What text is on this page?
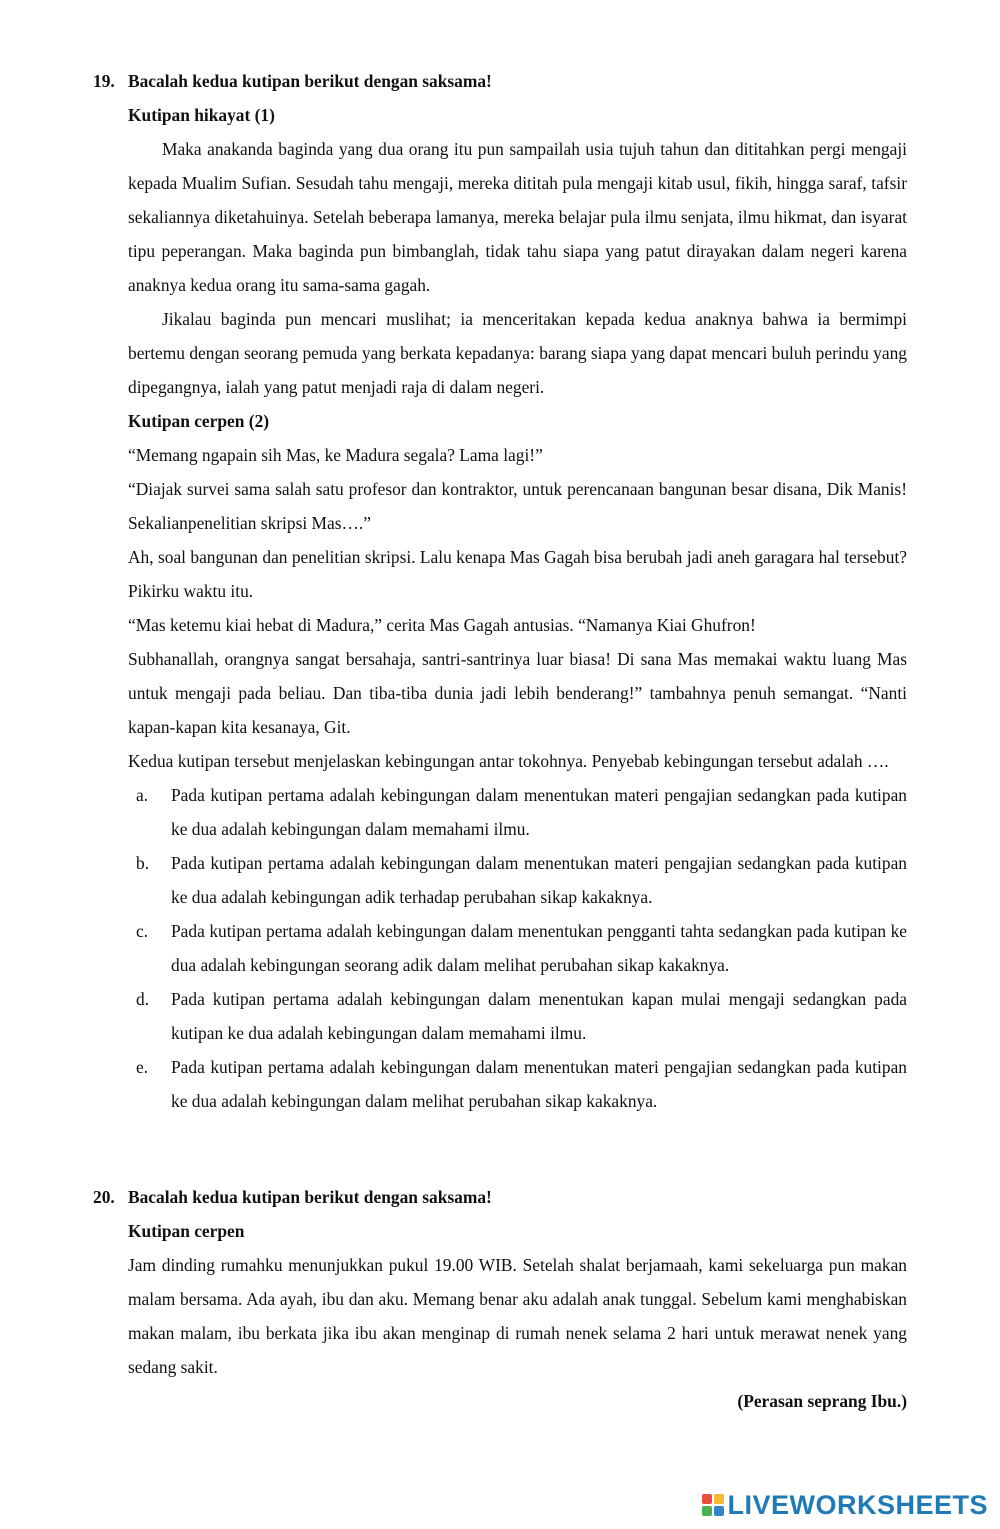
19. Bacalah kedua kutipan berikut dengan saksama!

Kutipan hikayat (1)

Maka anakanda baginda yang dua orang itu pun sampailah usia tujuh tahun dan dititahkan pergi mengaji kepada Mualim Sufian. Sesudah tahu mengaji, mereka dititah pula mengaji kitab usul, fikih, hingga saraf, tafsir sekaliannya diketahuinya. Setelah beberapa lamanya, mereka belajar pula ilmu senjata, ilmu hikmat, dan isyarat tipu peperangan. Maka baginda pun bimbanglah, tidak tahu siapa yang patut dirayakan dalam negeri karena anaknya kedua orang itu sama-sama gagah.

Jikalau baginda pun mencari muslihat; ia menceritakan kepada kedua anaknya bahwa ia bermimpi bertemu dengan seorang pemuda yang berkata kepadanya: barang siapa yang dapat mencari buluh perindu yang dipegangnya, ialah yang patut menjadi raja di dalam negeri.

Kutipan cerpen (2)

“Memang ngapain sih Mas, ke Madura segala? Lama lagi!”

“Diajak survei sama salah satu profesor dan kontraktor, untuk perencanaan bangunan besar disana, Dik Manis! Sekalianpenelitian skripsi Mas….”

Ah, soal bangunan dan penelitian skripsi. Lalu kenapa Mas Gagah bisa berubah jadi aneh garagara hal tersebut? Pikirku waktu itu.

“Mas ketemu kiai hebat di Madura,” cerita Mas Gagah antusias. “Namanya Kiai Ghufron!

Subhanallah, orangnya sangat bersahaja, santri-santrinya luar biasa! Di sana Mas memakai waktu luang Mas untuk mengaji pada beliau. Dan tiba-tiba dunia jadi lebih benderang!” tambahnya penuh semangat. “Nanti kapan-kapan kita kesanaya, Git.

Kedua kutipan tersebut menjelaskan kebingungan antar tokohnya. Penyebab kebingungan tersebut adalah ….

a. Pada kutipan pertama adalah kebingungan dalam menentukan materi pengajian sedangkan pada kutipan ke dua adalah kebingungan dalam memahami ilmu.
b. Pada kutipan pertama adalah kebingungan dalam menentukan materi pengajian sedangkan pada kutipan ke dua adalah kebingungan adik terhadap perubahan sikap kakaknya.
c. Pada kutipan pertama adalah kebingungan dalam menentukan pengganti tahta sedangkan pada kutipan ke dua adalah kebingungan seorang adik dalam melihat perubahan sikap kakaknya.
d. Pada kutipan pertama adalah kebingungan dalam menentukan kapan mulai mengaji sedangkan pada kutipan ke dua adalah kebingungan dalam memahami ilmu.
e. Pada kutipan pertama adalah kebingungan dalam menentukan materi pengajian sedangkan pada kutipan ke dua adalah kebingungan dalam melihat perubahan sikap kakaknya.
20. Bacalah kedua kutipan berikut dengan saksama!

Kutipan cerpen

Jam dinding rumahku menunjukkan pukul 19.00 WIB. Setelah shalat berjamaah, kami sekeluarga pun makan malam bersama. Ada ayah, ibu dan aku. Memang benar aku adalah anak tunggal. Sebelum kami menghabiskan makan malam, ibu berkata jika ibu akan menginap di rumah nenek selama 2 hari untuk merawat nenek yang sedang sakit.

(Perasan seprang Ibu.)

LIVEWORKSHEETS
